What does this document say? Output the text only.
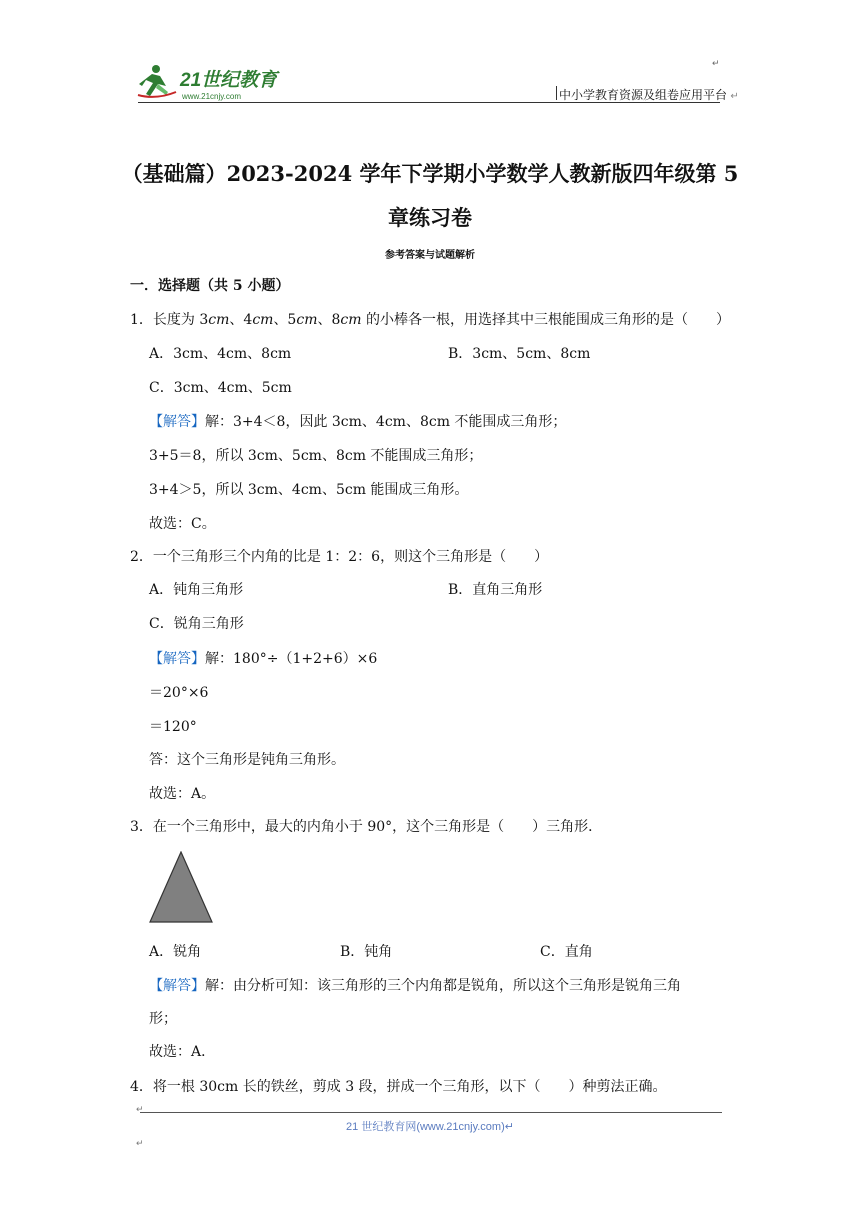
21世纪教育
www.21cnjy.com
↵
中小学教育资源及组卷应用平台 ↵
（基础篇）2023-2024 学年下学期小学数学人教新版四年级第 5
章练习卷
参考答案与试题解析
一．选择题（共 5 小题）
1．长度为 3cm、4cm、5cm、8cm 的小棒各一根，用选择其中三根能围成三角形的是（　　）
A．3cm、4cm、8cm	B．3cm、5cm、8cm
C．3cm、4cm、5cm
【解答】解：3+4＜8，因此 3cm、4cm、8cm 不能围成三角形；
3+5＝8，所以 3cm、5cm、8cm 不能围成三角形；
3+4＞5，所以 3cm、4cm、5cm 能围成三角形。
故选：C。
2．一个三角形三个内角的比是 1：2：6，则这个三角形是（　　）
A．钝角三角形	B．直角三角形
C．锐角三角形
【解答】解：180°÷（1+2+6）×6
＝20°×6
＝120°
答：这个三角形是钝角三角形。
故选：A。
3．在一个三角形中，最大的内角小于 90°，这个三角形是（　　）三角形．
A．锐角	B．钝角	C．直角
【解答】解：由分析可知：该三角形的三个内角都是锐角，所以这个三角形是锐角三角
形；
故选：A．
4．将一根 30cm 长的铁丝，剪成 3 段，拼成一个三角形，以下（　　）种剪法正确。
↵
21 世纪教育网(www.21cnjy.com)↵
↵
